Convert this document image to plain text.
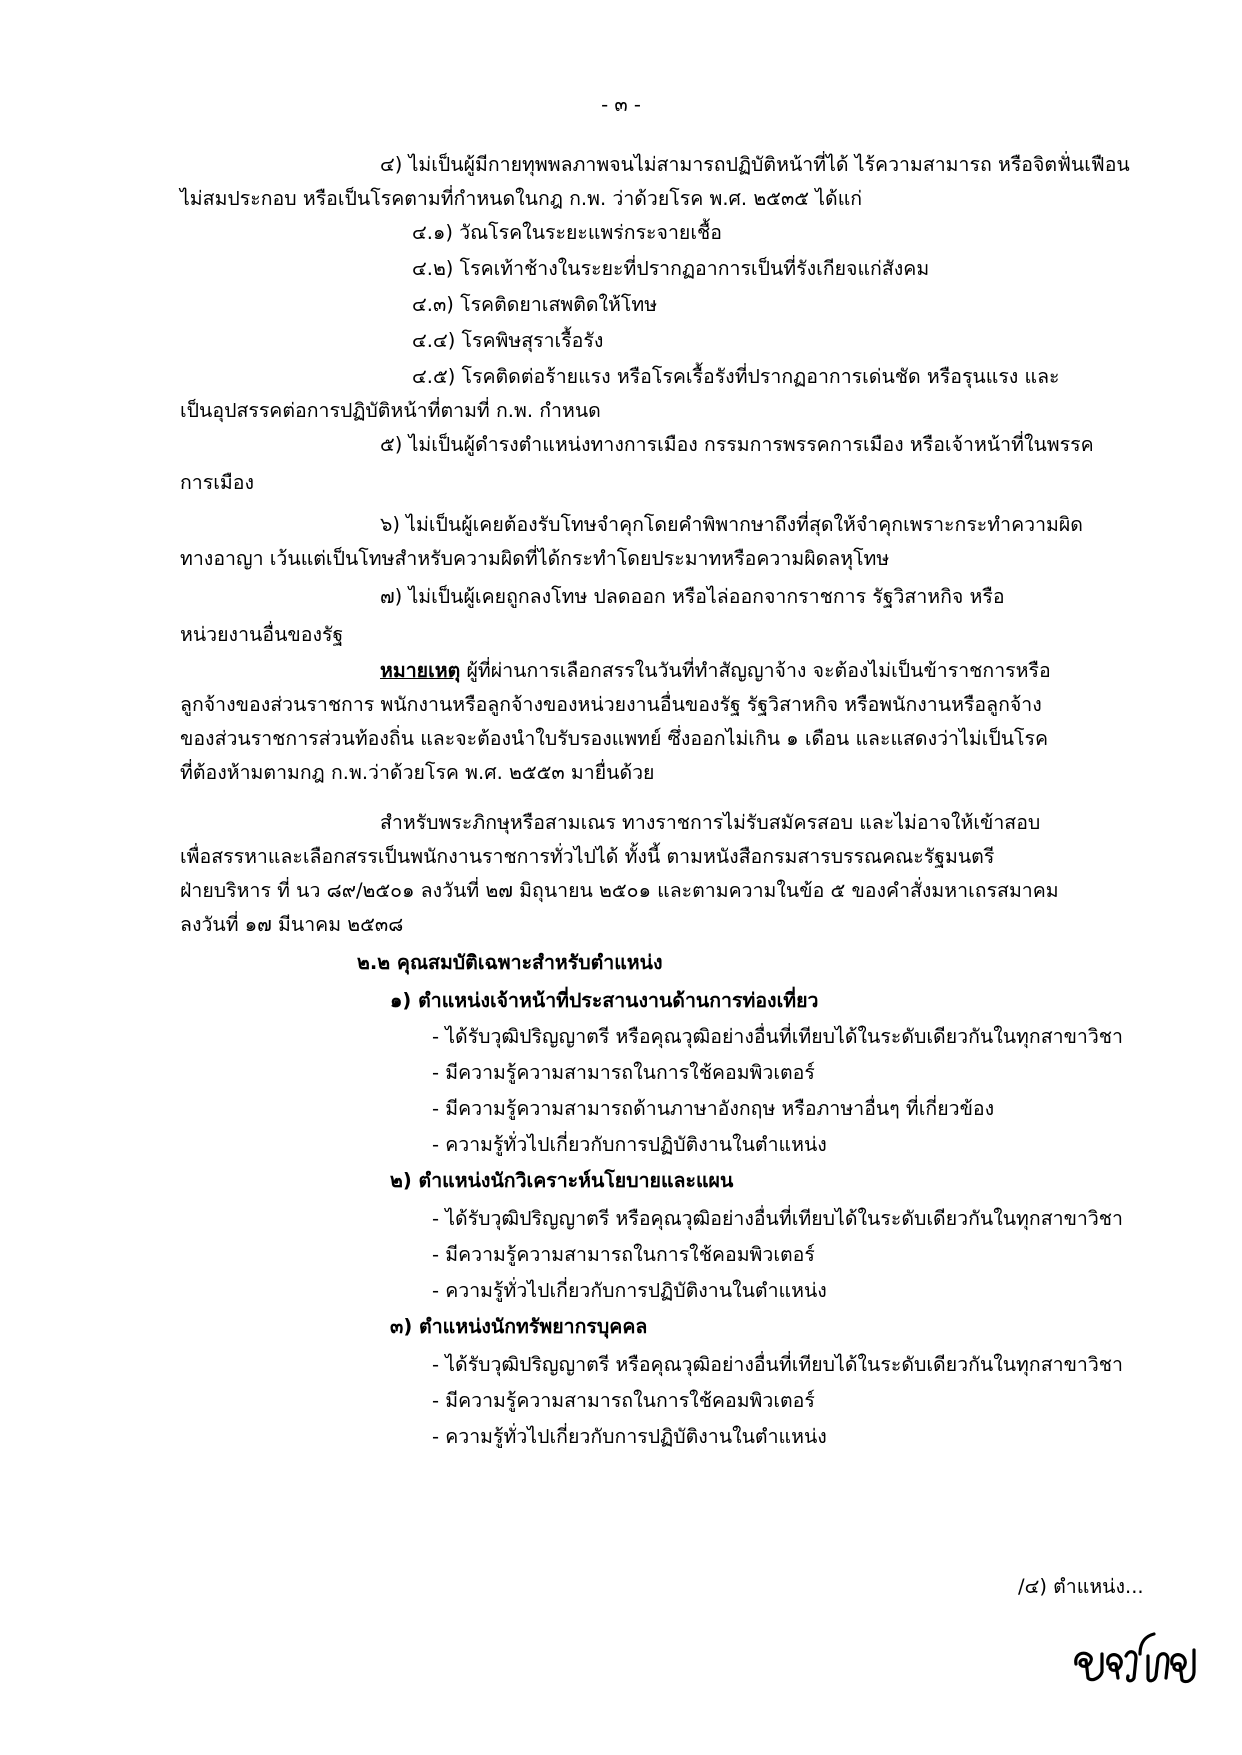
- ๓ -
๔) ไม่เป็นผู้มีกายทุพพลภาพจนไม่สามารถปฏิบัติหน้าที่ได้ ไร้ความสามารถ หรือจิตฟั่นเฟือน
ไม่สมประกอบ หรือเป็นโรคตามที่กำหนดในกฎ ก.พ. ว่าด้วยโรค พ.ศ. ๒๕๓๕ ได้แก่
๔.๑) วัณโรคในระยะแพร่กระจายเชื้อ
๔.๒) โรคเท้าช้างในระยะที่ปรากฏอาการเป็นที่รังเกียจแก่สังคม
๔.๓) โรคติดยาเสพติดให้โทษ
๔.๔) โรคพิษสุราเรื้อรัง
๔.๕) โรคติดต่อร้ายแรง หรือโรคเรื้อรังที่ปรากฏอาการเด่นชัด หรือรุนแรง และ
เป็นอุปสรรคต่อการปฏิบัติหน้าที่ตามที่ ก.พ. กำหนด
๕) ไม่เป็นผู้ดำรงตำแหน่งทางการเมือง กรรมการพรรคการเมือง หรือเจ้าหน้าที่ในพรรค
การเมือง
๖) ไม่เป็นผู้เคยต้องรับโทษจำคุกโดยคำพิพากษาถึงที่สุดให้จำคุกเพราะกระทำความผิด
ทางอาญา เว้นแต่เป็นโทษสำหรับความผิดที่ได้กระทำโดยประมาทหรือความผิดลหุโทษ
๗) ไม่เป็นผู้เคยถูกลงโทษ ปลดออก หรือไล่ออกจากราชการ รัฐวิสาหกิจ หรือ
หน่วยงานอื่นของรัฐ
หมายเหตุ ผู้ที่ผ่านการเลือกสรรในวันที่ทำสัญญาจ้าง จะต้องไม่เป็นข้าราชการหรือ
ลูกจ้างของส่วนราชการ พนักงานหรือลูกจ้างของหน่วยงานอื่นของรัฐ รัฐวิสาหกิจ หรือพนักงานหรือลูกจ้าง
ของส่วนราชการส่วนท้องถิ่น และจะต้องนำใบรับรองแพทย์ ซึ่งออกไม่เกิน ๑ เดือน และแสดงว่าไม่เป็นโรค
ที่ต้องห้ามตามกฎ ก.พ.ว่าด้วยโรค พ.ศ. ๒๕๕๓ มายื่นด้วย
สำหรับพระภิกษุหรือสามเณร ทางราชการไม่รับสมัครสอบ และไม่อาจให้เข้าสอบ
เพื่อสรรหาและเลือกสรรเป็นพนักงานราชการทั่วไปได้ ทั้งนี้ ตามหนังสือกรมสารบรรณคณะรัฐมนตรี
ฝ่ายบริหาร ที่ นว ๘๙/๒๕๐๑ ลงวันที่ ๒๗ มิถุนายน ๒๕๐๑ และตามความในข้อ ๕ ของคำสั่งมหาเถรสมาคม
ลงวันที่ ๑๗ มีนาคม ๒๕๓๘
๒.๒ คุณสมบัติเฉพาะสำหรับตำแหน่ง
๑) ตำแหน่งเจ้าหน้าที่ประสานงานด้านการท่องเที่ยว
- ได้รับวุฒิปริญญาตรี หรือคุณวุฒิอย่างอื่นที่เทียบได้ในระดับเดียวกันในทุกสาขาวิชา
- มีความรู้ความสามารถในการใช้คอมพิวเตอร์
- มีความรู้ความสามารถด้านภาษาอังกฤษ หรือภาษาอื่นๆ ที่เกี่ยวข้อง
- ความรู้ทั่วไปเกี่ยวกับการปฏิบัติงานในตำแหน่ง
๒) ตำแหน่งนักวิเคราะห์นโยบายและแผน
- ได้รับวุฒิปริญญาตรี หรือคุณวุฒิอย่างอื่นที่เทียบได้ในระดับเดียวกันในทุกสาขาวิชา
- มีความรู้ความสามารถในการใช้คอมพิวเตอร์
- ความรู้ทั่วไปเกี่ยวกับการปฏิบัติงานในตำแหน่ง
๓) ตำแหน่งนักทรัพยากรบุคคล
- ได้รับวุฒิปริญญาตรี หรือคุณวุฒิอย่างอื่นที่เทียบได้ในระดับเดียวกันในทุกสาขาวิชา
- มีความรู้ความสามารถในการใช้คอมพิวเตอร์
- ความรู้ทั่วไปเกี่ยวกับการปฏิบัติงานในตำแหน่ง
/๔) ตำแหน่ง...
